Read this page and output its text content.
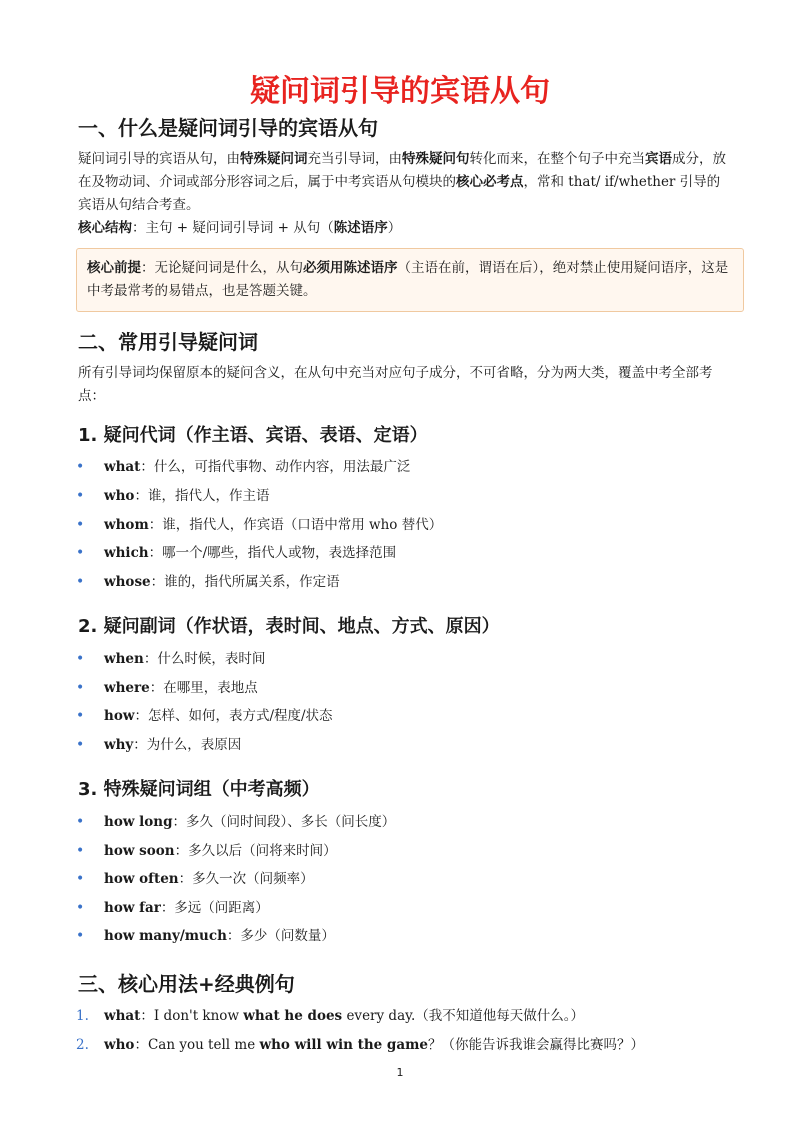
疑问词引导的宾语从句
一、什么是疑问词引导的宾语从句
疑问词引导的宾语从句，由特殊疑问词充当引导词，由特殊疑问句转化而来，在整个句子中充当宾语成分，放在及物动词、介词或部分形容词之后，属于中考宾语从句模块的核心必考点，常和 that/ if/whether 引导的宾语从句结合考查。
核心结构：主句 + 疑问词引导词 + 从句（陈述语序）
核心前提：无论疑问词是什么，从句必须用陈述语序（主语在前，谓语在后），绝对禁止使用疑问语序，这是中考最常考的易错点，也是答题关键。
二、常用引导疑问词
所有引导词均保留原本的疑问含义，在从句中充当对应句子成分，不可省略，分为两大类，覆盖中考全部考点：
1. 疑问代词（作主语、宾语、表语、定语）
• what：什么，可指代事物、动作内容，用法最广泛
• who：谁，指代人，作主语
• whom：谁，指代人，作宾语（口语中常用 who 替代）
• which：哪一个/哪些，指代人或物，表选择范围
• whose：谁的，指代所属关系，作定语
2. 疑问副词（作状语，表时间、地点、方式、原因）
• when：什么时候，表时间
• where：在哪里，表地点
• how：怎样、如何，表方式/程度/状态
• why：为什么，表原因
3. 特殊疑问词组（中考高频）
• how long：多久（问时间段）、多长（问长度）
• how soon：多久以后（问将来时间）
• how often：多久一次（问频率）
• how far：多远（问距离）
• how many/much：多少（问数量）
三、核心用法+经典例句
1. what：I don't know what he does every day.（我不知道他每天做什么。）
2. who：Can you tell me who will win the game？（你能告诉我谁会赢得比赛吗？）
1
